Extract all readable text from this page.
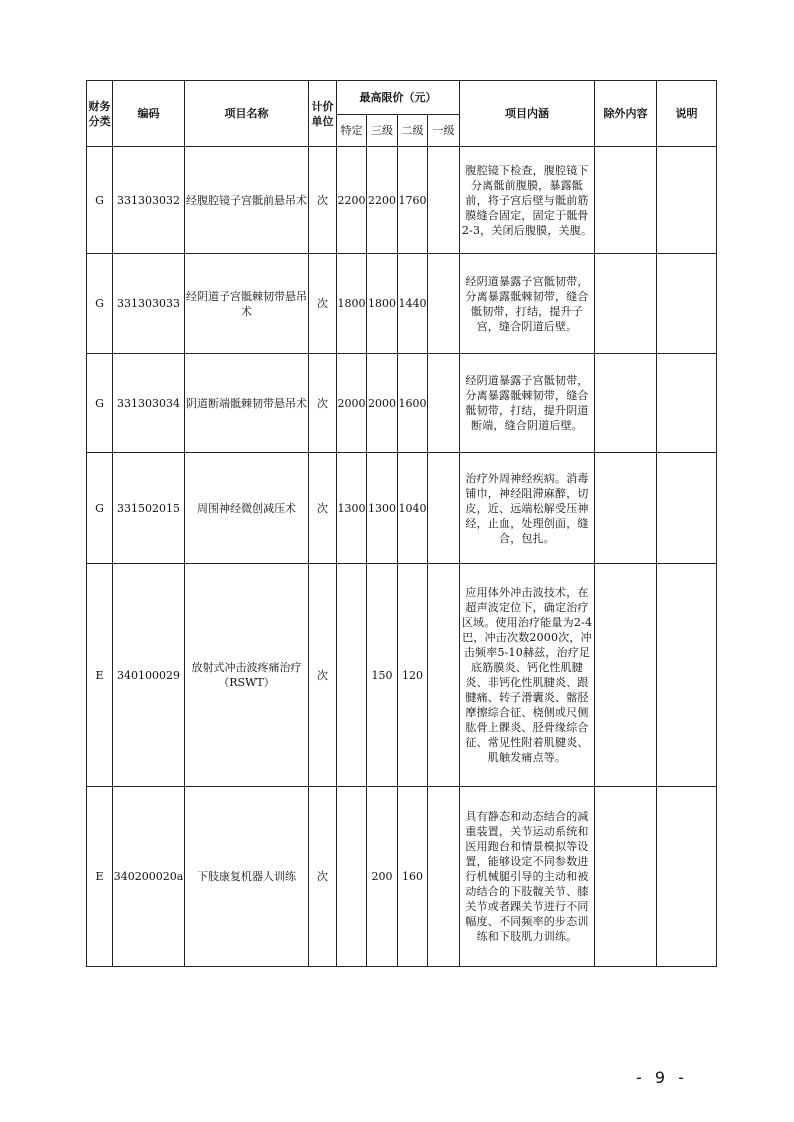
财务分类	编码	项目名称	计价单位	最高限价（元）				项目内涵	除外内容	说明
				特定	三级	二级	一级			
G	331303032	经腹腔镜子宫骶前悬吊术	次	2200	2200	1760		腹腔镜下检查，腹腔镜下分离骶前腹膜，暴露骶前，将子宫后壁与骶前筋膜缝合固定，固定于骶骨2-3，关闭后腹膜，关腹。		
G	331303033	经阴道子宫骶棘韧带悬吊术	次	1800	1800	1440		经阴道暴露子宫骶韧带，分离暴露骶棘韧带，缝合骶韧带，打结，提升子宫，缝合阴道后壁。		
G	331303034	阴道断端骶棘韧带悬吊术	次	2000	2000	1600		经阴道暴露子宫骶韧带，分离暴露骶棘韧带，缝合骶韧带，打结，提升阴道断端，缝合阴道后壁。		
G	331502015	周围神经微创减压术	次	1300	1300	1040		治疗外周神经疾病。消毒铺巾，神经阻滞麻醉，切皮，近、远端松解受压神经，止血，处理创面，缝合，包扎。		
E	340100029	放射式冲击波疼痛治疗（RSWT）	次		150	120		应用体外冲击波技术，在超声波定位下，确定治疗区域。使用治疗能量为2-4巴，冲击次数2000次，冲击频率5-10赫兹，治疗足底筋膜炎、钙化性肌腱炎、非钙化性肌腱炎、跟腱痛、转子滑囊炎、髂胫摩擦综合征、桡侧或尺侧肱骨上髁炎、胫骨缘综合征、常见性附着肌腱炎、肌触发痛点等。		
E	340200020a	下肢康复机器人训练	次		200	160		具有静态和动态结合的减重装置，关节运动系统和医用跑台和情景模拟等设置，能够设定不同参数进行机械腿引导的主动和被动结合的下肢髋关节、膝关节或者踝关节进行不同幅度、不同频率的步态训练和下肢肌力训练。		
- 9 -
